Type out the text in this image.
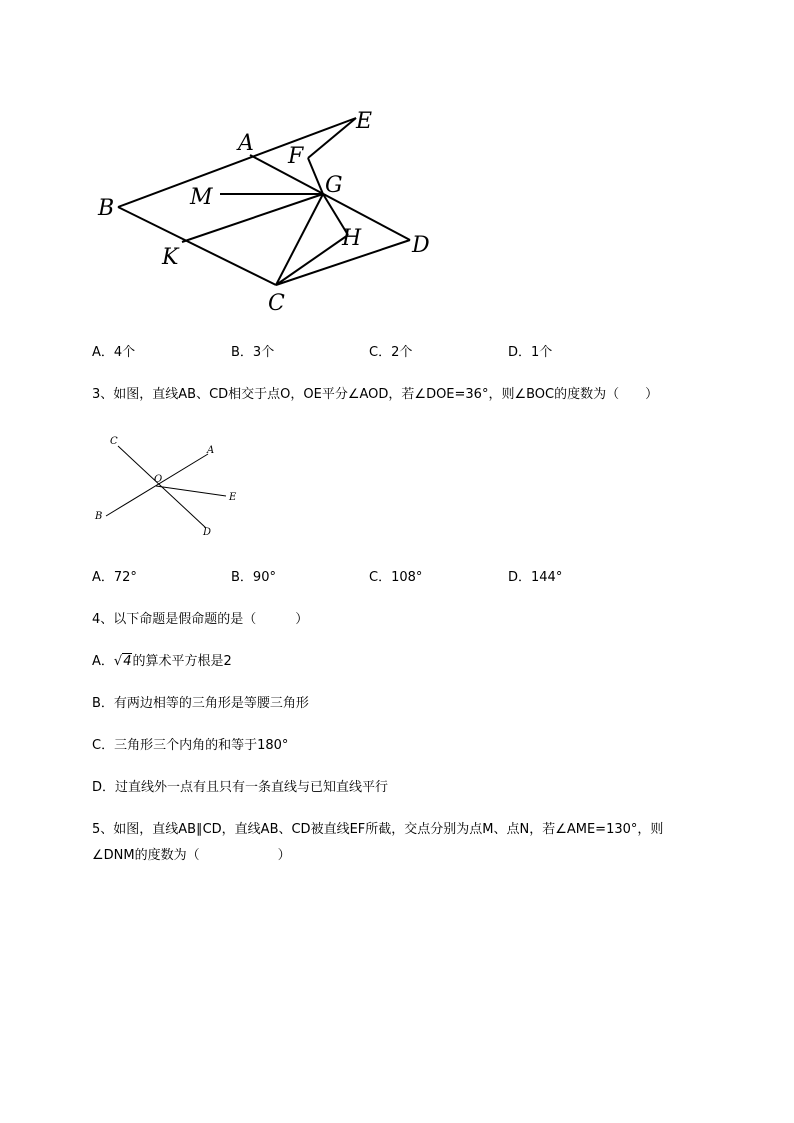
A
B
C
D
E
F
G
H
K
M
A．4个	B．3个	C．2个	D．1个
3、如图，直线AB、CD相交于点O，OE平分∠AOD，若∠DOE=36°，则∠BOC的度数为（　　）
C
A
O
E
B
D
A．72°	B．90°	C．108°	D．144°
4、以下命题是假命题的是（　　　）
A．√4的算术平方根是2
B．有两边相等的三角形是等腰三角形
C．三角形三个内角的和等于180°
D．过直线外一点有且只有一条直线与已知直线平行
5、如图，直线AB∥CD，直线AB、CD被直线EF所截，交点分别为点M、点N，若∠AME=130°，则
∠DNM的度数为（　　　　　　）
